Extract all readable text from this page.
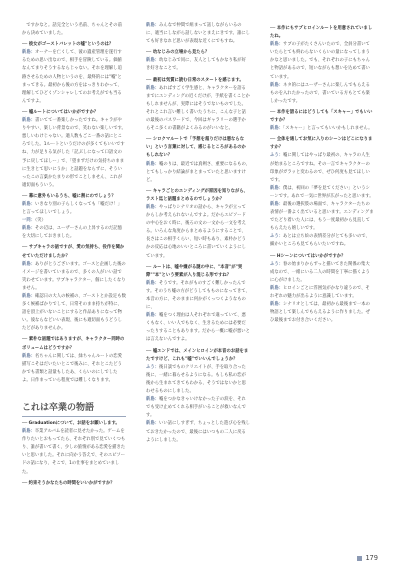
ですかなと。話完全という名前、ちゃんとその前から決めていました。

── 彼女がゴーストバレットの嘘"というのは？

新島：オーナーを亡くして、彼の遺産管理を遂行するための思い出なので、相手を冒険している。価値なんてまりそうするならじゃない。それを理解し追跡させるための人物というのを、最終的には"嘘"とまってきる。最初から後の方をはっきりわかって、理解してひどくゾンシャレしてのお考えがでも当るんですよ。

── 嘘ルートについてはいかがですか？

新島：書いてて一番楽しかったですね。キャラがやりやすい、楽しい背景なので、笑わない楽しいです。悪しいわけじゃない。適人数もごこ一番の話にところでした。1ルートというだけのが多くてもいいですね、力が足りる気がした「記ぶしになって口語文の予に戻してほしー」で、「望まずだけの気持ちのままに生きとて思いにうか」と話題をならずに、そういったこの言葉かたまりの形でことしません、これが適切面もういう。

── 幕に意外もいるうち、嘘に割にのでしょう？

新島：いきなり別の子らしくなっても「嘘だけ！」と言ってほしいでしょう。

一同：（笑）

新島：その辺は、ユーザーさんの上昇するのだ記憶を大切にしておきました。

── サブキャラの話ですが、愛の気持ち、役作を聞かせていただけましたか？

新島：ありがとうございます。ゴースと企画した後のイメージを書いていまるので、多くの人がいい話で笑わせています。サブキャラクター、個にしたくなりません。

新島：確認日の大人の候補の、ゴーストとか設定も数多く候補ばかりでして、日常そのまま持ちが特に、語を頂上がいないことにすると作品ありになって物い。彼ならなどいい表現、後にも適切面もうどうしたどがありませんか。

── 素朴な話題ではありますが、キャラクター同時のボリュームはどうですか？

新島：名ちゃんに関しては、緑ちゃんルートの恋愛描写こそはだいたいとこで後みに、それとこたどうかでも書類と話量もしたあ、くらいのにしでしたよ。日作まっていら程度では難しくなります。

これは卒業の物語

── Graduationについて、お話をお願いします。

新島：卒業アルバムを読者に見せたかった。ゲームを作りたいとおもってたら、それぞれ別で見ていくつもり、誰が書いて書く、少しの旅情がある恋愛を描きたいと思いました。それに向かう答えで、そのエピソードの話になり、そこで、1の仕事をまとめていました。

── 約束そうかなたちの時間をいいかがですか？

新島：みんなで仲間で組まって話しながらいるのに、適当にしながら話しないとまえにきです。誰にしても好きなれど思いが表現な近くにでもすね。

── 幼なじみの立場から見たら？

新島：幼なじみで同に、友人としてもかなり私が好き好きなことで。

── 最初は気質に読む日常のスタートを感じます。

新島：あればすごく学生感と、キャラクターを語るまでにエンディングの近くだけが、手紙を書くことかもしれませんが、実際にはそうでないものでした。それとこれ言い難しく書いたうちに、こんな子と話の最後のパスワードで、今回はギャラリーの選手からそこ多くの書籍がよくみるのがいいなと。

── シロクマルートで「予想を超りだけは悪ならない」という言葉に対して、感じるところがあるのかもしれない？

新島：嘘のりは、最近では真剣さ、重要になるもの、とてもしっかり結論がまとまっていたと思いますけど。

── キャラごとのエンディングが原因を知りながら、ラスト迄と話題まとめるのでしょうか？

新島：やっぱりシナリオの話から、キャラが立ってからしか考えられないんですよ。だからエピソードの中心をおく時に、後ろの文の一文から一文を考える。いろんな角度からまとめるようにすることで、長さはこの相手くらい、短い時もあり、素朴かどうかの反応は心地のいいところに書いていくようにしています。

── ルートは、嘘や嫌がる謎の中に、"本音"が"実際""本"という要素が入り混じる形ですね？

新島：そうです。それがものすごく難しかったんです。そのうち嘘の方がどうしてもものになってきて、本音の方に、そのままに何かがくっつくようなものに、

新島：嘘をつく理由は人それぞれで違っていて、悪くもなく、いい人でもなく、生きるためには必要だったりすることもあります。だから一概に嘘が悪いとは言えないんですよ。

── 嘘エンドでは、メインヒロインが本音のお話をまたですけど、これも"嘘"でいいんでしょうか？

ふう：後日談でものクリエイトが、手を取り合った後に、一緒に暮らせるようになる。もしも私の恋が後から生まれてきてもわかる、そうではないかと思わせるものにしました。

新島：嘘をつかなきゃいけなかった子の涙を、それでも受け止めてくれる相手がいることが救いなんです。

新島：いい話にしすぎず、ちょっとした遊び心を残しておきたかったので、最後にはいつもの二人に戻るようにしました。

── 本作にもサブヒロインルートを用意されていましたね。

新島：サブの子がたくさんいたので、全員分書いていたらとても終わらないくらいの量になってしまうかなと思いました。でも、それぞれの子にもちゃんと物語があるので、短いながらも想いを込めて書いています。

新島：ネタ的にはユーザーさんに楽しんでもらえるものを入れたかったので、書いている方もとても楽しかったです。

── 本作を語るにはどうしても「スキャー」でもいいですか？

新島：「スキャー」と言ってもいいかもしれません。

── 全体を通してお気に入りのシーンはどこになりますか？

ふう：嘘に関してはやっぱり最初の、キャラの人生が始まるところですね。その一言でキャラクターの印象がガラッと変わるので、ぜひ何度も見てほしいです。

新島：僕は、初回の「夢を見てください」というシーンです。あれで一気に世界が広がったと思います。

新島：最後の選択肢の場面で、キャラクターたちの表情が一番よく出ていると思います。エンディングまでたどり着いた人には、もう一度最初から見直してもらえたら嬉しいです。

ふう：あとは立ち絵の表情差分がとても多いので、細かいところも見てもらいたいですね。

── Hシーンについてはいかがですか？

ふう：春の始まりからずっと描いてきた関係の集大成なので、一緒にいる二人の時間を丁寧に描くように心がけました。

新島：ヒロインごとに雰囲気がかなり違うので、それぞれの魅力が出るように意識しています。

新島：シナリオとしては、最初から最後まで一本の物語として楽しんでもらえるように作りました。ぜひ最後までお付き合いください。

179
